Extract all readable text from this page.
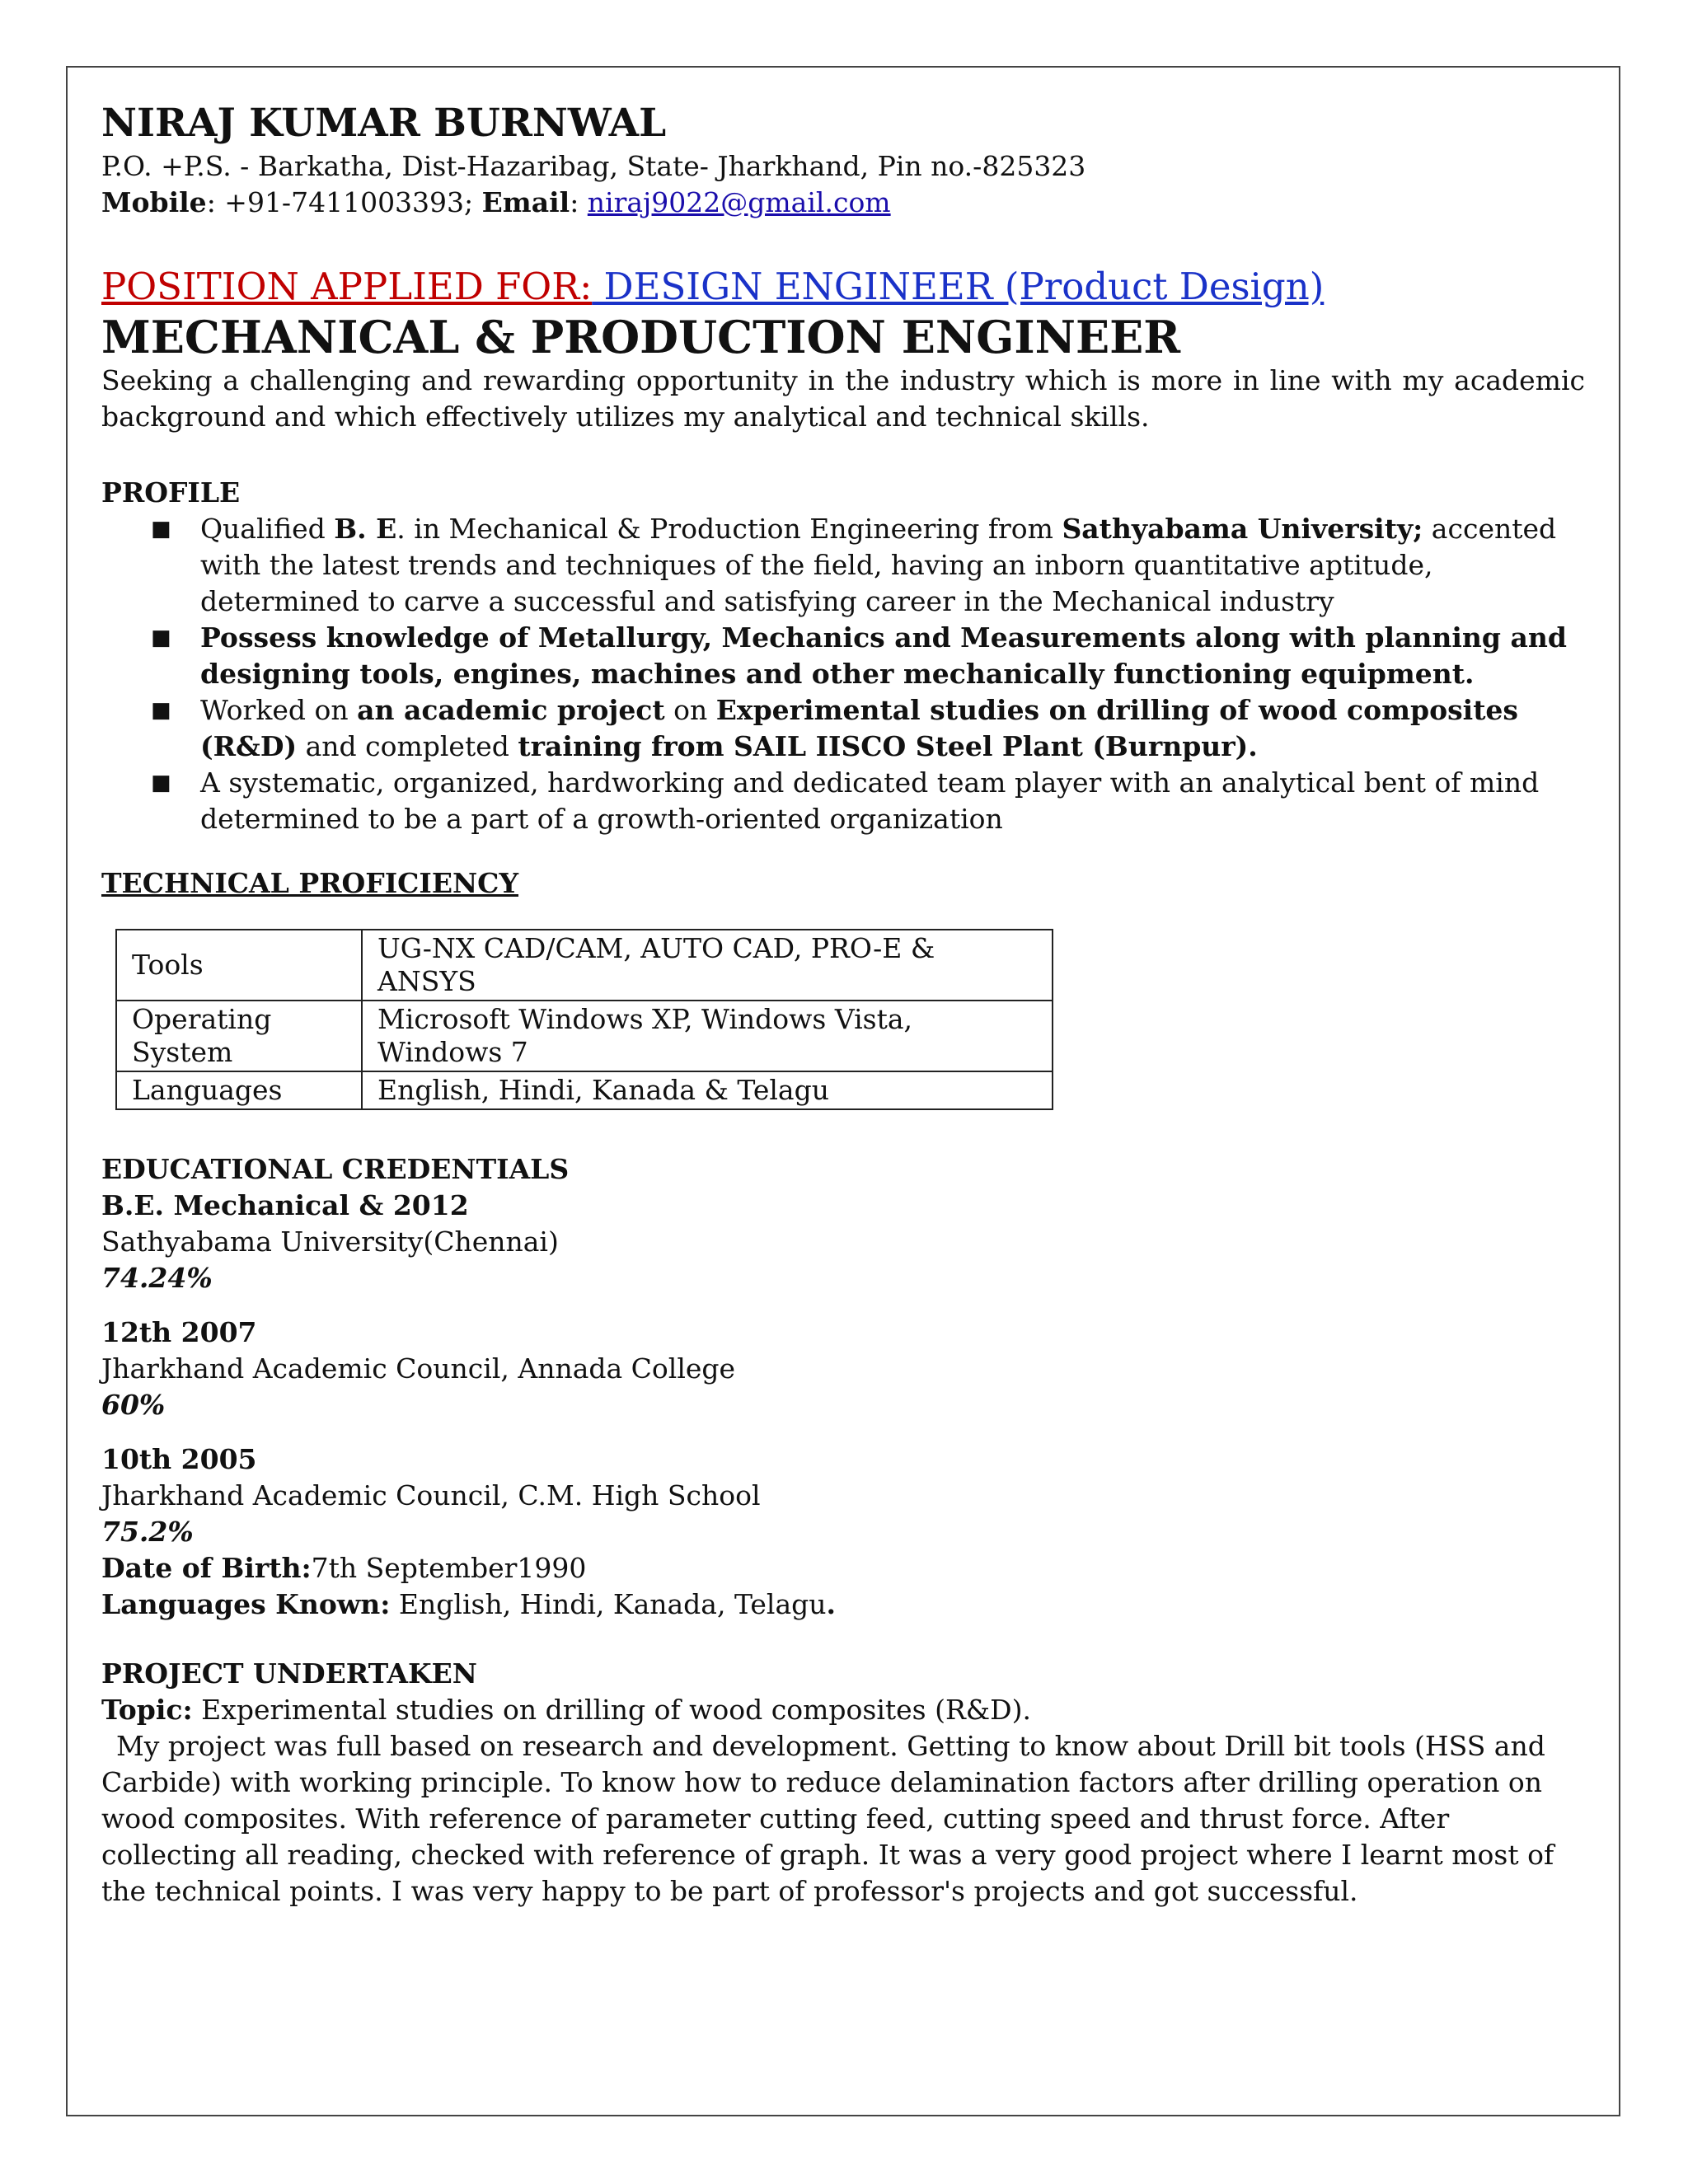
NIRAJ KUMAR BURNWAL

P.O. +P.S. - Barkatha, Dist-Hazaribag, State- Jharkhand, Pin no.-825323

Mobile: +91-7411003393; Email: niraj9022@gmail.com

POSITION APPLIED FOR: DESIGN ENGINEER (Product Design)

MECHANICAL & PRODUCTION ENGINEER

Seeking a challenging and rewarding opportunity in the industry which is more in line with my academic background and which effectively utilizes my analytical and technical skills.

PROFILE

■ Qualified B. E. in Mechanical & Production Engineering from Sathyabama University; accented with the latest trends and techniques of the field, having an inborn quantitative aptitude, determined to carve a successful and satisfying career in the Mechanical industry
■ Possess knowledge of Metallurgy, Mechanics and Measurements along with planning and designing tools, engines, machines and other mechanically functioning equipment.
■ Worked on an academic project on Experimental studies on drilling of wood composites (R&D) and completed training from SAIL IISCO Steel Plant (Burnpur).
■ A systematic, organized, hardworking and dedicated team player with an analytical bent of mind determined to be a part of a growth-oriented organization

TECHNICAL PROFICIENCY

Tools	UG-NX CAD/CAM, AUTO CAD, PRO-E & ANSYS
Operating System	Microsoft Windows XP, Windows Vista, Windows 7
Languages	English, Hindi, Kanada & Telagu

EDUCATIONAL CREDENTIALS

B.E. Mechanical & 2012

Sathyabama University(Chennai)

74.24%

12th 2007

Jharkhand Academic Council, Annada College

60%

10th 2005

Jharkhand Academic Council, C.M. High School

75.2%

Date of Birth:7th September1990

Languages Known: English, Hindi, Kanada, Telagu.

PROJECT UNDERTAKEN

Topic: Experimental studies on drilling of wood composites (R&D).

My project was full based on research and development. Getting to know about Drill bit tools (HSS and Carbide) with working principle. To know how to reduce delamination factors after drilling operation on wood composites. With reference of parameter cutting feed, cutting speed and thrust force. After collecting all reading, checked with reference of graph. It was a very good project where I learnt most of the technical points. I was very happy to be part of professor's projects and got successful.
